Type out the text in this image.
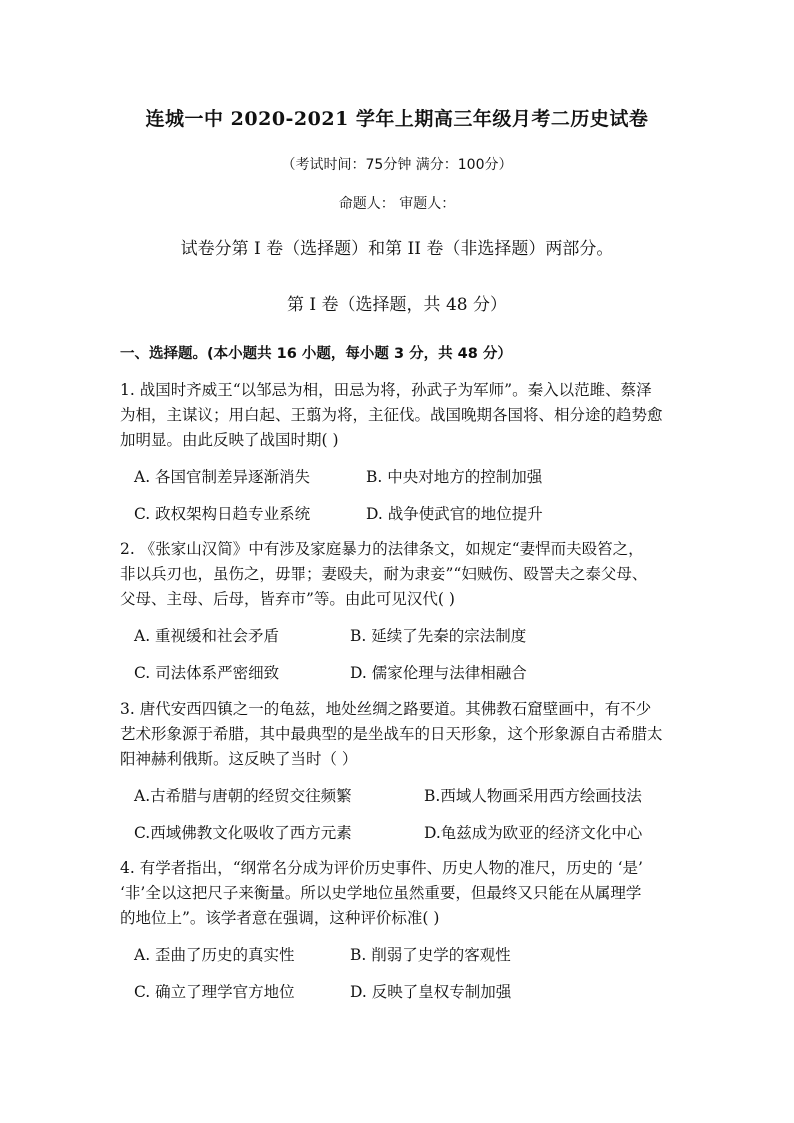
连城一中 2020-2021 学年上期高三年级月考二历史试卷
（考试时间：75分钟 满分：100分）
命题人： 审题人：
试卷分第 I 卷（选择题）和第 II 卷（非选择题）两部分。
第 I 卷（选择题，共 48 分）
一、选择题。(本小题共 16 小题，每小题 3 分，共 48 分）
1. 战国时齐威王“以邹忌为相，田忌为将，孙武子为军师”。秦入以范雎、蔡泽
为相，主谋议；用白起、王翦为将，主征伐。战国晚期各国将、相分途的趋势愈
加明显。由此反映了战国时期( )
A. 各国官制差异逐渐消失	B. 中央对地方的控制加强
C. 政权架构日趋专业系统	D. 战争使武官的地位提升
2. 《张家山汉简》中有涉及家庭暴力的法律条文，如规定“妻悍而夫殴笞之，
非以兵刃也，虽伤之，毋罪；妻殴夫，耐为隶妾”“妇贼伤、殴詈夫之泰父母、
父母、主母、后母，皆弃市”等。由此可见汉代( )
A. 重视缓和社会矛盾	B. 延续了先秦的宗法制度
C. 司法体系严密细致	D. 儒家伦理与法律相融合
3. 唐代安西四镇之一的龟兹，地处丝绸之路要道。其佛教石窟壁画中，有不少
艺术形象源于希腊，其中最典型的是坐战车的日天形象，这个形象源自古希腊太
阳神赫利俄斯。这反映了当时（ ）
A.古希腊与唐朝的经贸交往频繁	B.西域人物画采用西方绘画技法
C.西域佛教文化吸收了西方元素	D.龟兹成为欧亚的经济文化中心
4. 有学者指出，“纲常名分成为评价历史事件、历史人物的准尺，历史的 ‘是’
‘非’全以这把尺子来衡量。所以史学地位虽然重要，但最终又只能在从属理学
的地位上”。该学者意在强调，这种评价标准( )
A. 歪曲了历史的真实性	B. 削弱了史学的客观性
C. 确立了理学官方地位	D. 反映了皇权专制加强
